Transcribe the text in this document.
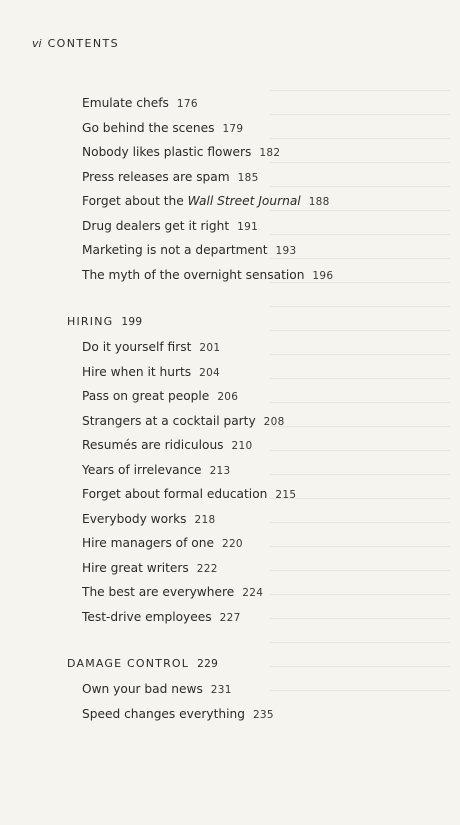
vi CONTENTS
Emulate chefs 176
Go behind the scenes 179
Nobody likes plastic flowers 182
Press releases are spam 185
Forget about the Wall Street Journal 188
Drug dealers get it right 191
Marketing is not a department 193
The myth of the overnight sensation 196
HIRING 199
Do it yourself first 201
Hire when it hurts 204
Pass on great people 206
Strangers at a cocktail party 208
Resumés are ridiculous 210
Years of irrelevance 213
Forget about formal education 215
Everybody works 218
Hire managers of one 220
Hire great writers 222
The best are everywhere 224
Test-drive employees 227
DAMAGE CONTROL 229
Own your bad news 231
Speed changes everything 235
